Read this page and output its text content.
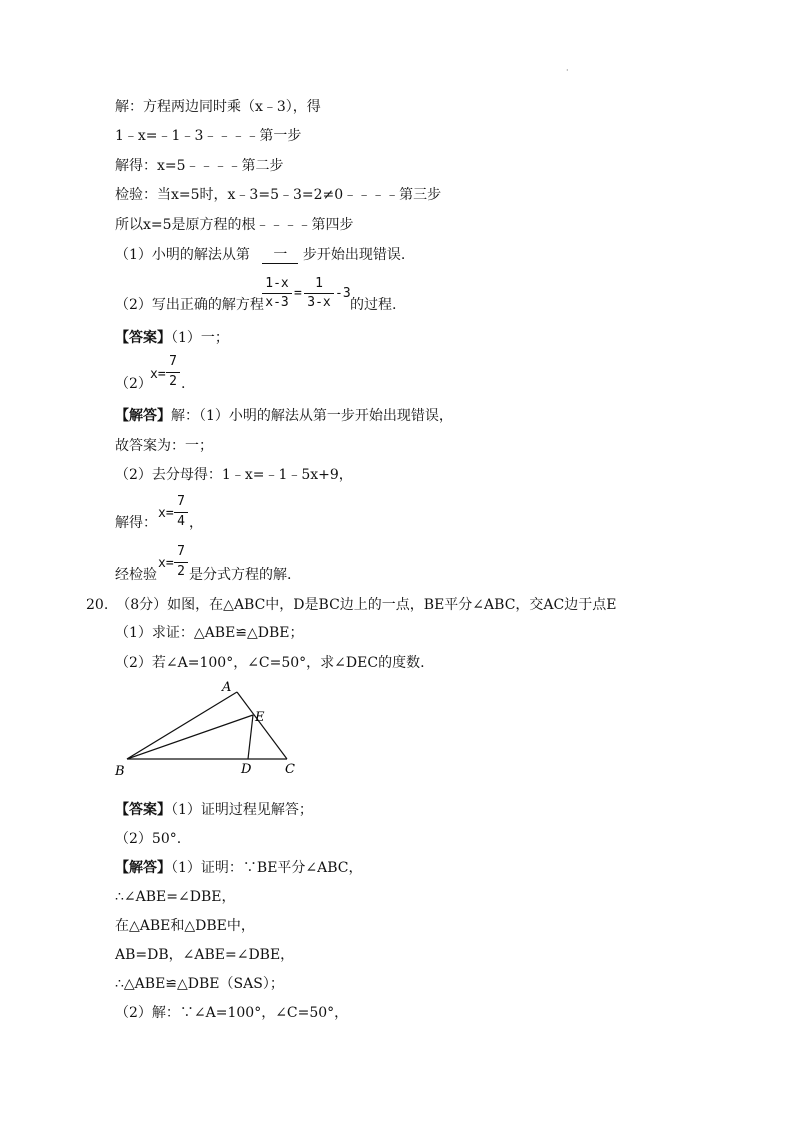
·
解：方程两边同时乘（x﹣3），得
1﹣x=﹣1﹣3﹣﹣﹣﹣第一步
解得：x=5﹣﹣﹣﹣第二步
检验：当x=5时，x﹣3=5﹣3=2≠0﹣﹣﹣﹣第三步
所以x=5是原方程的根﹣﹣﹣﹣第四步
（1）小明的解法从第 一 步开始出现错误.
（2）写出正确的解方程
1-x
x-3
=
1
3-x
-3
的过程.
【答案】（1）一；
（2）
x=
7
2 .
【解答】解：（1）小明的解法从第一步开始出现错误，
故答案为：一；
（2）去分母得：1﹣x=﹣1﹣5x+9，
解得：
x=
7
4 ，
经检验
x=
7
2 是分式方程的解.
20. （8分）如图，在△ABC中，D是BC边上的一点，BE平分∠ABC，交AC边于点E
（1）求证：△ABE≌△DBE；
（2）若∠A=100°，∠C=50°，求∠DEC的度数.
A
B	C
D
E
【答案】（1）证明过程见解答；
（2）50°.
【解答】（1）证明：∵BE平分∠ABC，
∴∠ABE=∠DBE，
在△ABE和△DBE中，
AB=DB，∠ABE=∠DBE，
∴△ABE≌△DBE（SAS）；
（2）解：∵∠A=100°，∠C=50°，
